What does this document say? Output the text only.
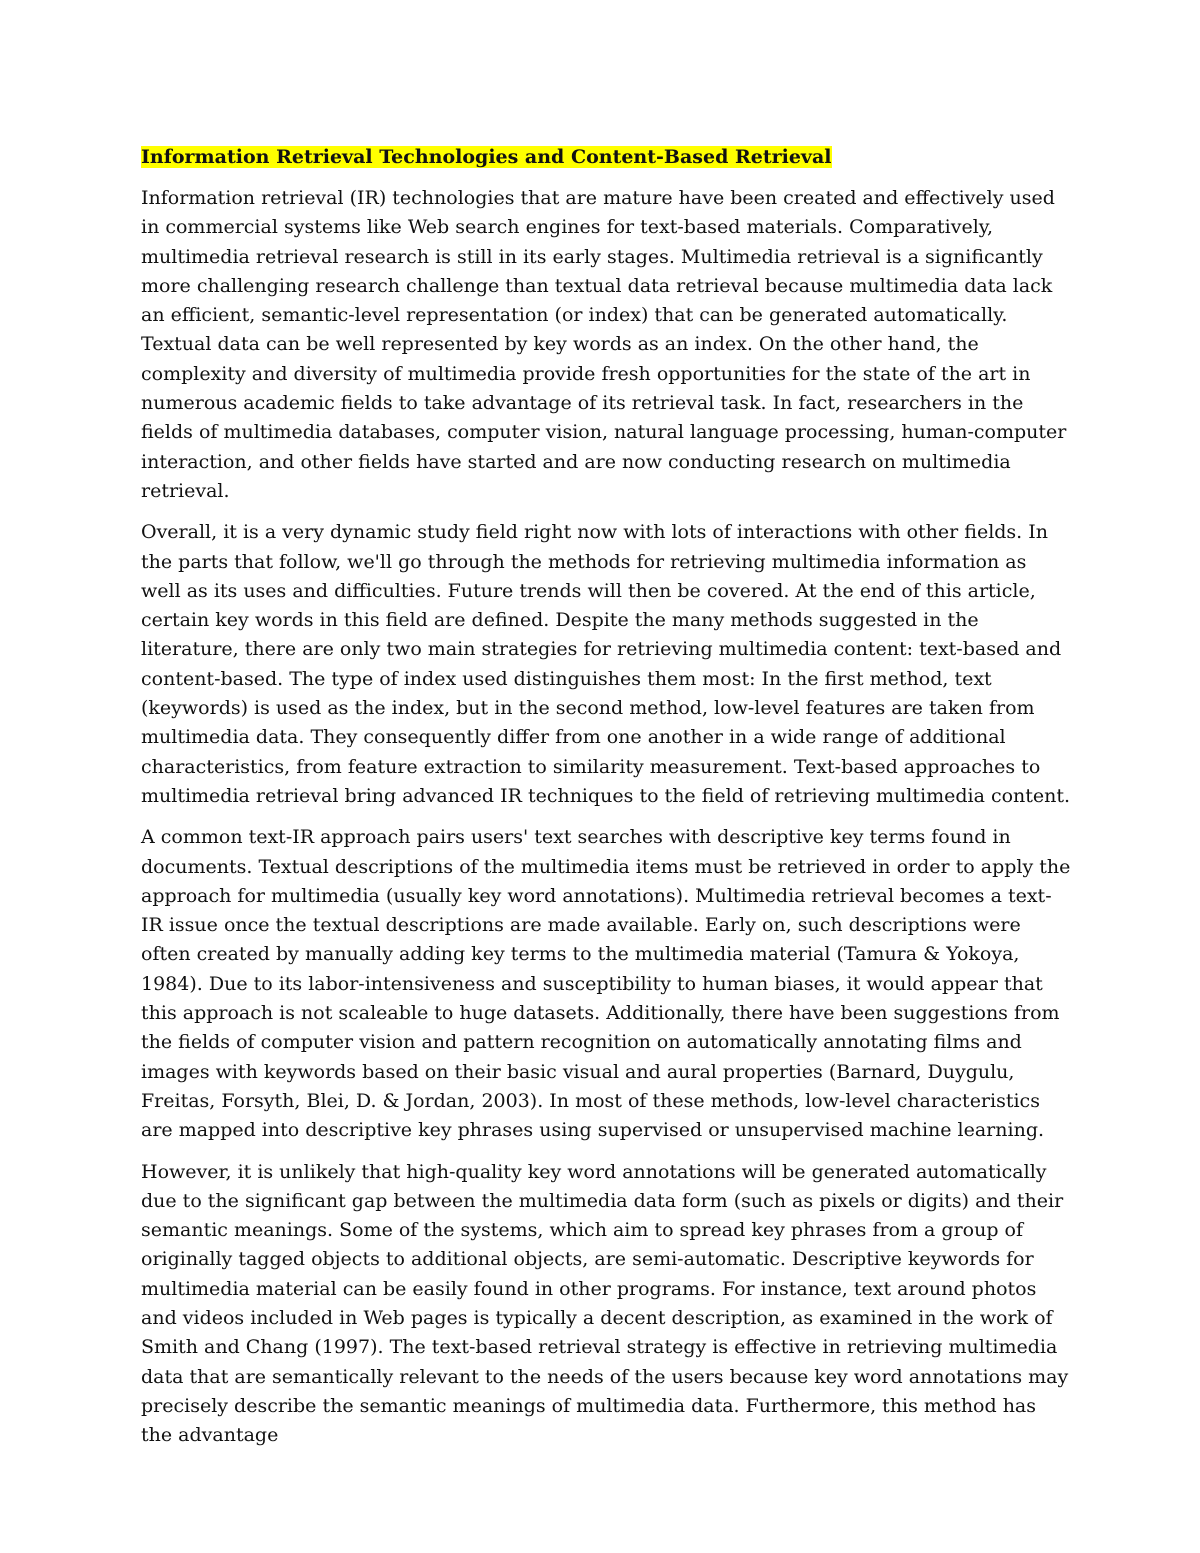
Information Retrieval Technologies and Content-Based Retrieval

Information retrieval (IR) technologies that are mature have been created and effectively used in commercial systems like Web search engines for text-based materials. Comparatively, multimedia retrieval research is still in its early stages. Multimedia retrieval is a significantly more challenging research challenge than textual data retrieval because multimedia data lack an efficient, semantic-level representation (or index) that can be generated automatically. Textual data can be well represented by key words as an index. On the other hand, the complexity and diversity of multimedia provide fresh opportunities for the state of the art in numerous academic fields to take advantage of its retrieval task. In fact, researchers in the fields of multimedia databases, computer vision, natural language processing, human-computer interaction, and other fields have started and are now conducting research on multimedia retrieval.

Overall, it is a very dynamic study field right now with lots of interactions with other fields. In the parts that follow, we'll go through the methods for retrieving multimedia information as well as its uses and difficulties. Future trends will then be covered. At the end of this article, certain key words in this field are defined. Despite the many methods suggested in the literature, there are only two main strategies for retrieving multimedia content: text-based and content-based. The type of index used distinguishes them most: In the first method, text (keywords) is used as the index, but in the second method, low-level features are taken from multimedia data. They consequently differ from one another in a wide range of additional characteristics, from feature extraction to similarity measurement. Text-based approaches to multimedia retrieval bring advanced IR techniques to the field of retrieving multimedia content.

A common text-IR approach pairs users' text searches with descriptive key terms found in documents. Textual descriptions of the multimedia items must be retrieved in order to apply the approach for multimedia (usually key word annotations). Multimedia retrieval becomes a text-IR issue once the textual descriptions are made available. Early on, such descriptions were often created by manually adding key terms to the multimedia material (Tamura & Yokoya, 1984). Due to its labor-intensiveness and susceptibility to human biases, it would appear that this approach is not scaleable to huge datasets. Additionally, there have been suggestions from the fields of computer vision and pattern recognition on automatically annotating films and images with keywords based on their basic visual and aural properties (Barnard, Duygulu, Freitas, Forsyth, Blei, D. & Jordan, 2003). In most of these methods, low-level characteristics are mapped into descriptive key phrases using supervised or unsupervised machine learning.

However, it is unlikely that high-quality key word annotations will be generated automatically due to the significant gap between the multimedia data form (such as pixels or digits) and their semantic meanings. Some of the systems, which aim to spread key phrases from a group of originally tagged objects to additional objects, are semi-automatic. Descriptive keywords for multimedia material can be easily found in other programs. For instance, text around photos and videos included in Web pages is typically a decent description, as examined in the work of Smith and Chang (1997). The text-based retrieval strategy is effective in retrieving multimedia data that are semantically relevant to the needs of the users because key word annotations may precisely describe the semantic meanings of multimedia data. Furthermore, this method has the advantage
